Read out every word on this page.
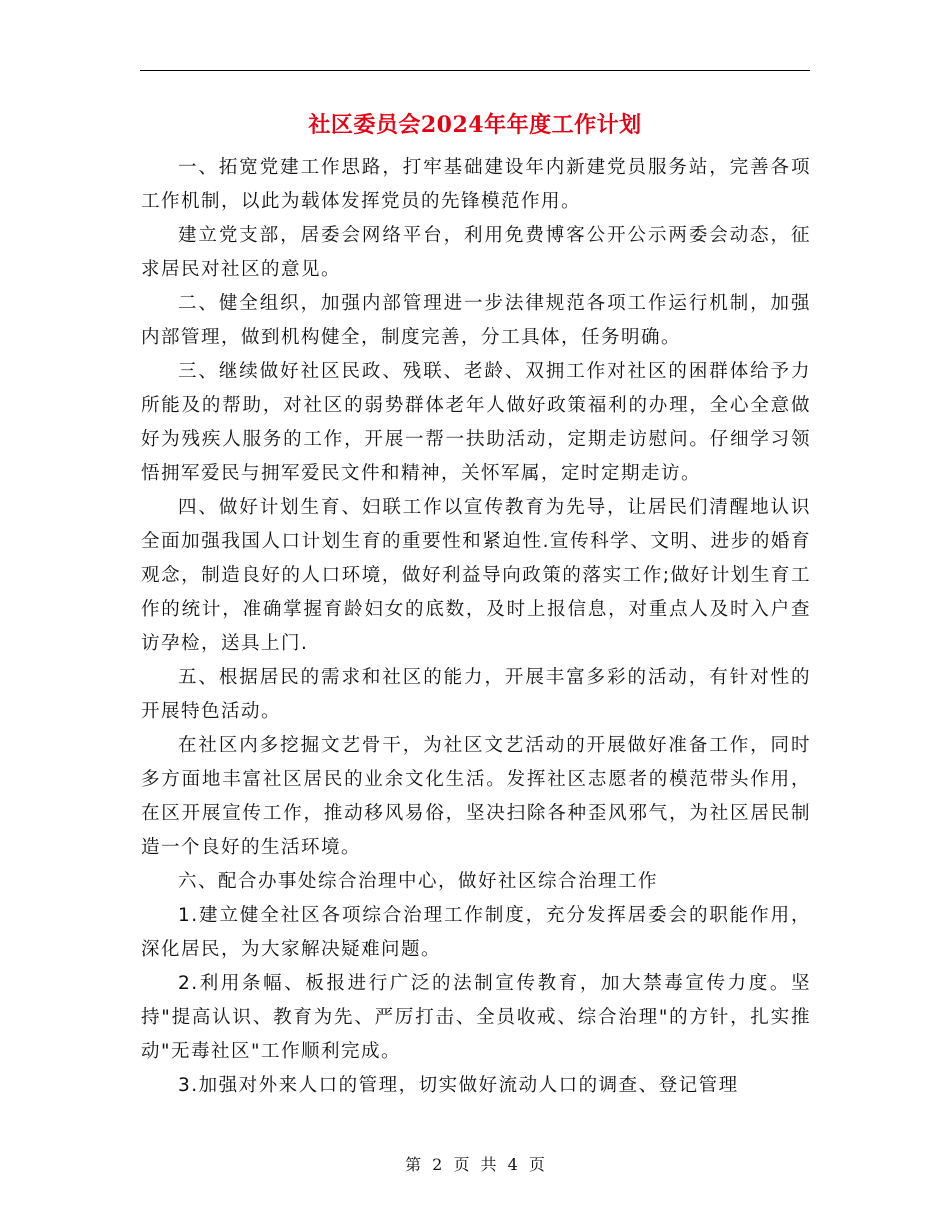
社区委员会2024年年度工作计划

一、拓宽党建工作思路，打牢基础建设年内新建党员服务站，完善各项工作机制，以此为载体发挥党员的先锋模范作用。

建立党支部，居委会网络平台，利用免费博客公开公示两委会动态，征求居民对社区的意见。

二、健全组织，加强内部管理进一步法律规范各项工作运行机制，加强内部管理，做到机构健全，制度完善，分工具体，任务明确。

三、继续做好社区民政、残联、老龄、双拥工作对社区的困群体给予力所能及的帮助，对社区的弱势群体老年人做好政策福利的办理，全心全意做好为残疾人服务的工作，开展一帮一扶助活动，定期走访慰问。仔细学习领悟拥军爱民与拥军爱民文件和精神，关怀军属，定时定期走访。

四、做好计划生育、妇联工作以宣传教育为先导，让居民们清醒地认识全面加强我国人口计划生育的重要性和紧迫性.宣传科学、文明、进步的婚育观念，制造良好的人口环境，做好利益导向政策的落实工作;做好计划生育工作的统计，准确掌握育龄妇女的底数，及时上报信息，对重点人及时入户查访孕检，送具上门.

五、根据居民的需求和社区的能力，开展丰富多彩的活动，有针对性的开展特色活动。

在社区内多挖掘文艺骨干，为社区文艺活动的开展做好准备工作，同时多方面地丰富社区居民的业余文化生活。发挥社区志愿者的模范带头作用，在区开展宣传工作，推动移风易俗，坚决扫除各种歪风邪气，为社区居民制造一个良好的生活环境。

六、配合办事处综合治理中心，做好社区综合治理工作

1.建立健全社区各项综合治理工作制度，充分发挥居委会的职能作用，深化居民，为大家解决疑难问题。

2.利用条幅、板报进行广泛的法制宣传教育，加大禁毒宣传力度。坚持"提高认识、教育为先、严厉打击、全员收戒、综合治理"的方针，扎实推动"无毒社区"工作顺利完成。

3.加强对外来人口的管理，切实做好流动人口的调查、登记管理

第 2 页 共 4 页
